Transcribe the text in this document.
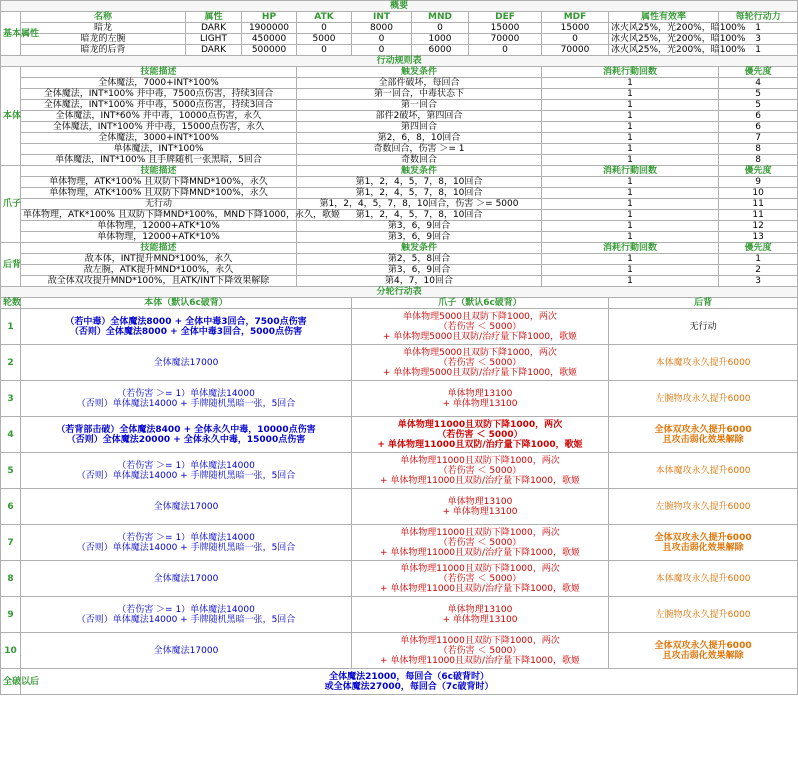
概要										
基本属性	名称	属性	HP	ATK	INT	MND	DEF	MDF	属性有效率	每轮行动力
	暗龙	DARK	1900000	0	8000	0	15000	15000	冰火风25%，光200%，暗100%	1
	暗龙的左腕	LIGHT	450000	5000	0	1000	70000	0	冰火风25%，光200%，暗100%	3
	暗龙的后背	DARK	500000	0	0	6000	0	70000	冰火风25%，光200%，暗100%	1
行动规则表										
本体	技能描述			触发条件				消耗行動回数		優先度
	全体魔法，7000+INT*100%			全部件破坏，每回合				1		4
	全体魔法，INT*100% 并中毒，7500点伤害，持续3回合			第一回合，中毒状态下				1		5
	全体魔法，INT*100% 并中毒，5000点伤害，持续3回合			第一回合				1		5
	全体魔法，INT*60% 并中毒，10000点伤害，永久			部件2破坏，第四回合				1		6
	全体魔法，INT*100% 并中毒，15000点伤害，永久			第四回合				1		6
	全体魔法，3000+INT*100%			第2，6，8，10回合				1		7
	单体魔法，INT*100%			奇数回合，伤害 ＞= 1				1		8
	单体魔法，INT*100% 且手牌随机一张黑暗，5回合			奇数回合				1		8
爪子	技能描述			触发条件				消耗行動回数		優先度
	单体物理，ATK*100% 且双防下降MND*100%，永久			第1，2，4，5，7，8，10回合				1		9
	单体物理，ATK*100% 且双防下降MND*100%，永久			第1，2，4，5，7，8，10回合				1		10
	无行动			第1，2，4，5，7，8，10回合，伤害 ＞= 5000				1		11
	单体物理，ATK*100% 且双防下降MND*100%，MND下降1000，永久，歌姬			第1，2，4，5，7，8，10回合				1		11
	单体物理，12000+ATK*10%			第3，6，9回合				1		12
	单体物理，12000+ATK*10%			第3，6，9回合				1		13
后背	技能描述			触发条件				消耗行動回数		優先度
	敌本体，INT提升MND*100%，永久			第2，5，8回合				1		1
	敌左腕，ATK提升MND*100%，永久			第3，6，9回合				1		2
	敌全体双攻提升MND*100%，且ATK/INT下降效果解除			第4，7，10回合				1		3
分轮行动表										
轮数	本体（默认6c破背）				爪子（默认6c破背）				后背	
1	（若中毒）全体魔法8000 + 全体中毒3回合，7500点伤害
（否则）全体魔法8000 + 全体中毒3回合，5000点伤害				单体物理5000且双防下降1000，两次
（若伤害 ＜ 5000）
+ 单体物理5000且双防/治疗量下降1000，歌姬				无行动	

2	全体魔法17000				单体物理5000且双防下降1000，两次
（若伤害 ＜ 5000）
+ 单体物理5000且双防/治疗量下降1000，歌姬				本体魔攻永久提升6000	

3	（若伤害 ＞= 1）单体魔法14000
（否则）单体魔法14000 + 手牌随机黑暗一张，5回合				单体物理13100
+ 单体物理13100				左腕物攻永久提升6000	

4	（若背部击破）全体魔法8400 + 全体永久中毒，10000点伤害
（否则）全体魔法20000 + 全体永久中毒，15000点伤害				单体物理11000且双防下降1000，两次
（若伤害 ＜ 5000）
+ 单体物理11000且双防/治疗量下降1000，歌姬				全体双攻永久提升6000
且攻击弱化效果解除	

5	（若伤害 ＞= 1）单体魔法14000
（否则）单体魔法14000 + 手牌随机黑暗一张，5回合				单体物理11000且双防下降1000，两次
（若伤害 ＜ 5000）
+ 单体物理11000且双防/治疗量下降1000，歌姬				本体魔攻永久提升6000	

6	全体魔法17000				单体物理13100
+ 单体物理13100				左腕物攻永久提升6000	

7	（若伤害 ＞= 1）单体魔法14000
（否则）单体魔法14000 + 手牌随机黑暗一张，5回合				单体物理11000且双防下降1000，两次
（若伤害 ＜ 5000）
+ 单体物理11000且双防/治疗量下降1000，歌姬				全体双攻永久提升6000
且攻击弱化效果解除	

8	全体魔法17000				单体物理11000且双防下降1000，两次
（若伤害 ＜ 5000）
+ 单体物理11000且双防/治疗量下降1000，歌姬				本体魔攻永久提升6000	

9	（若伤害 ＞= 1）单体魔法14000
（否则）单体魔法14000 + 手牌随机黑暗一张，5回合				单体物理13100
+ 单体物理13100				左腕物攻永久提升6000	

10	全体魔法17000				单体物理11000且双防下降1000，两次
（若伤害 ＜ 5000）
+ 单体物理11000且双防/治疗量下降1000，歌姬				全体双攻永久提升6000
且攻击弱化效果解除	

全破以后	全体魔法21000，每回合（6c破背时）
或全体魔法27000，每回合（7c破背时）									
